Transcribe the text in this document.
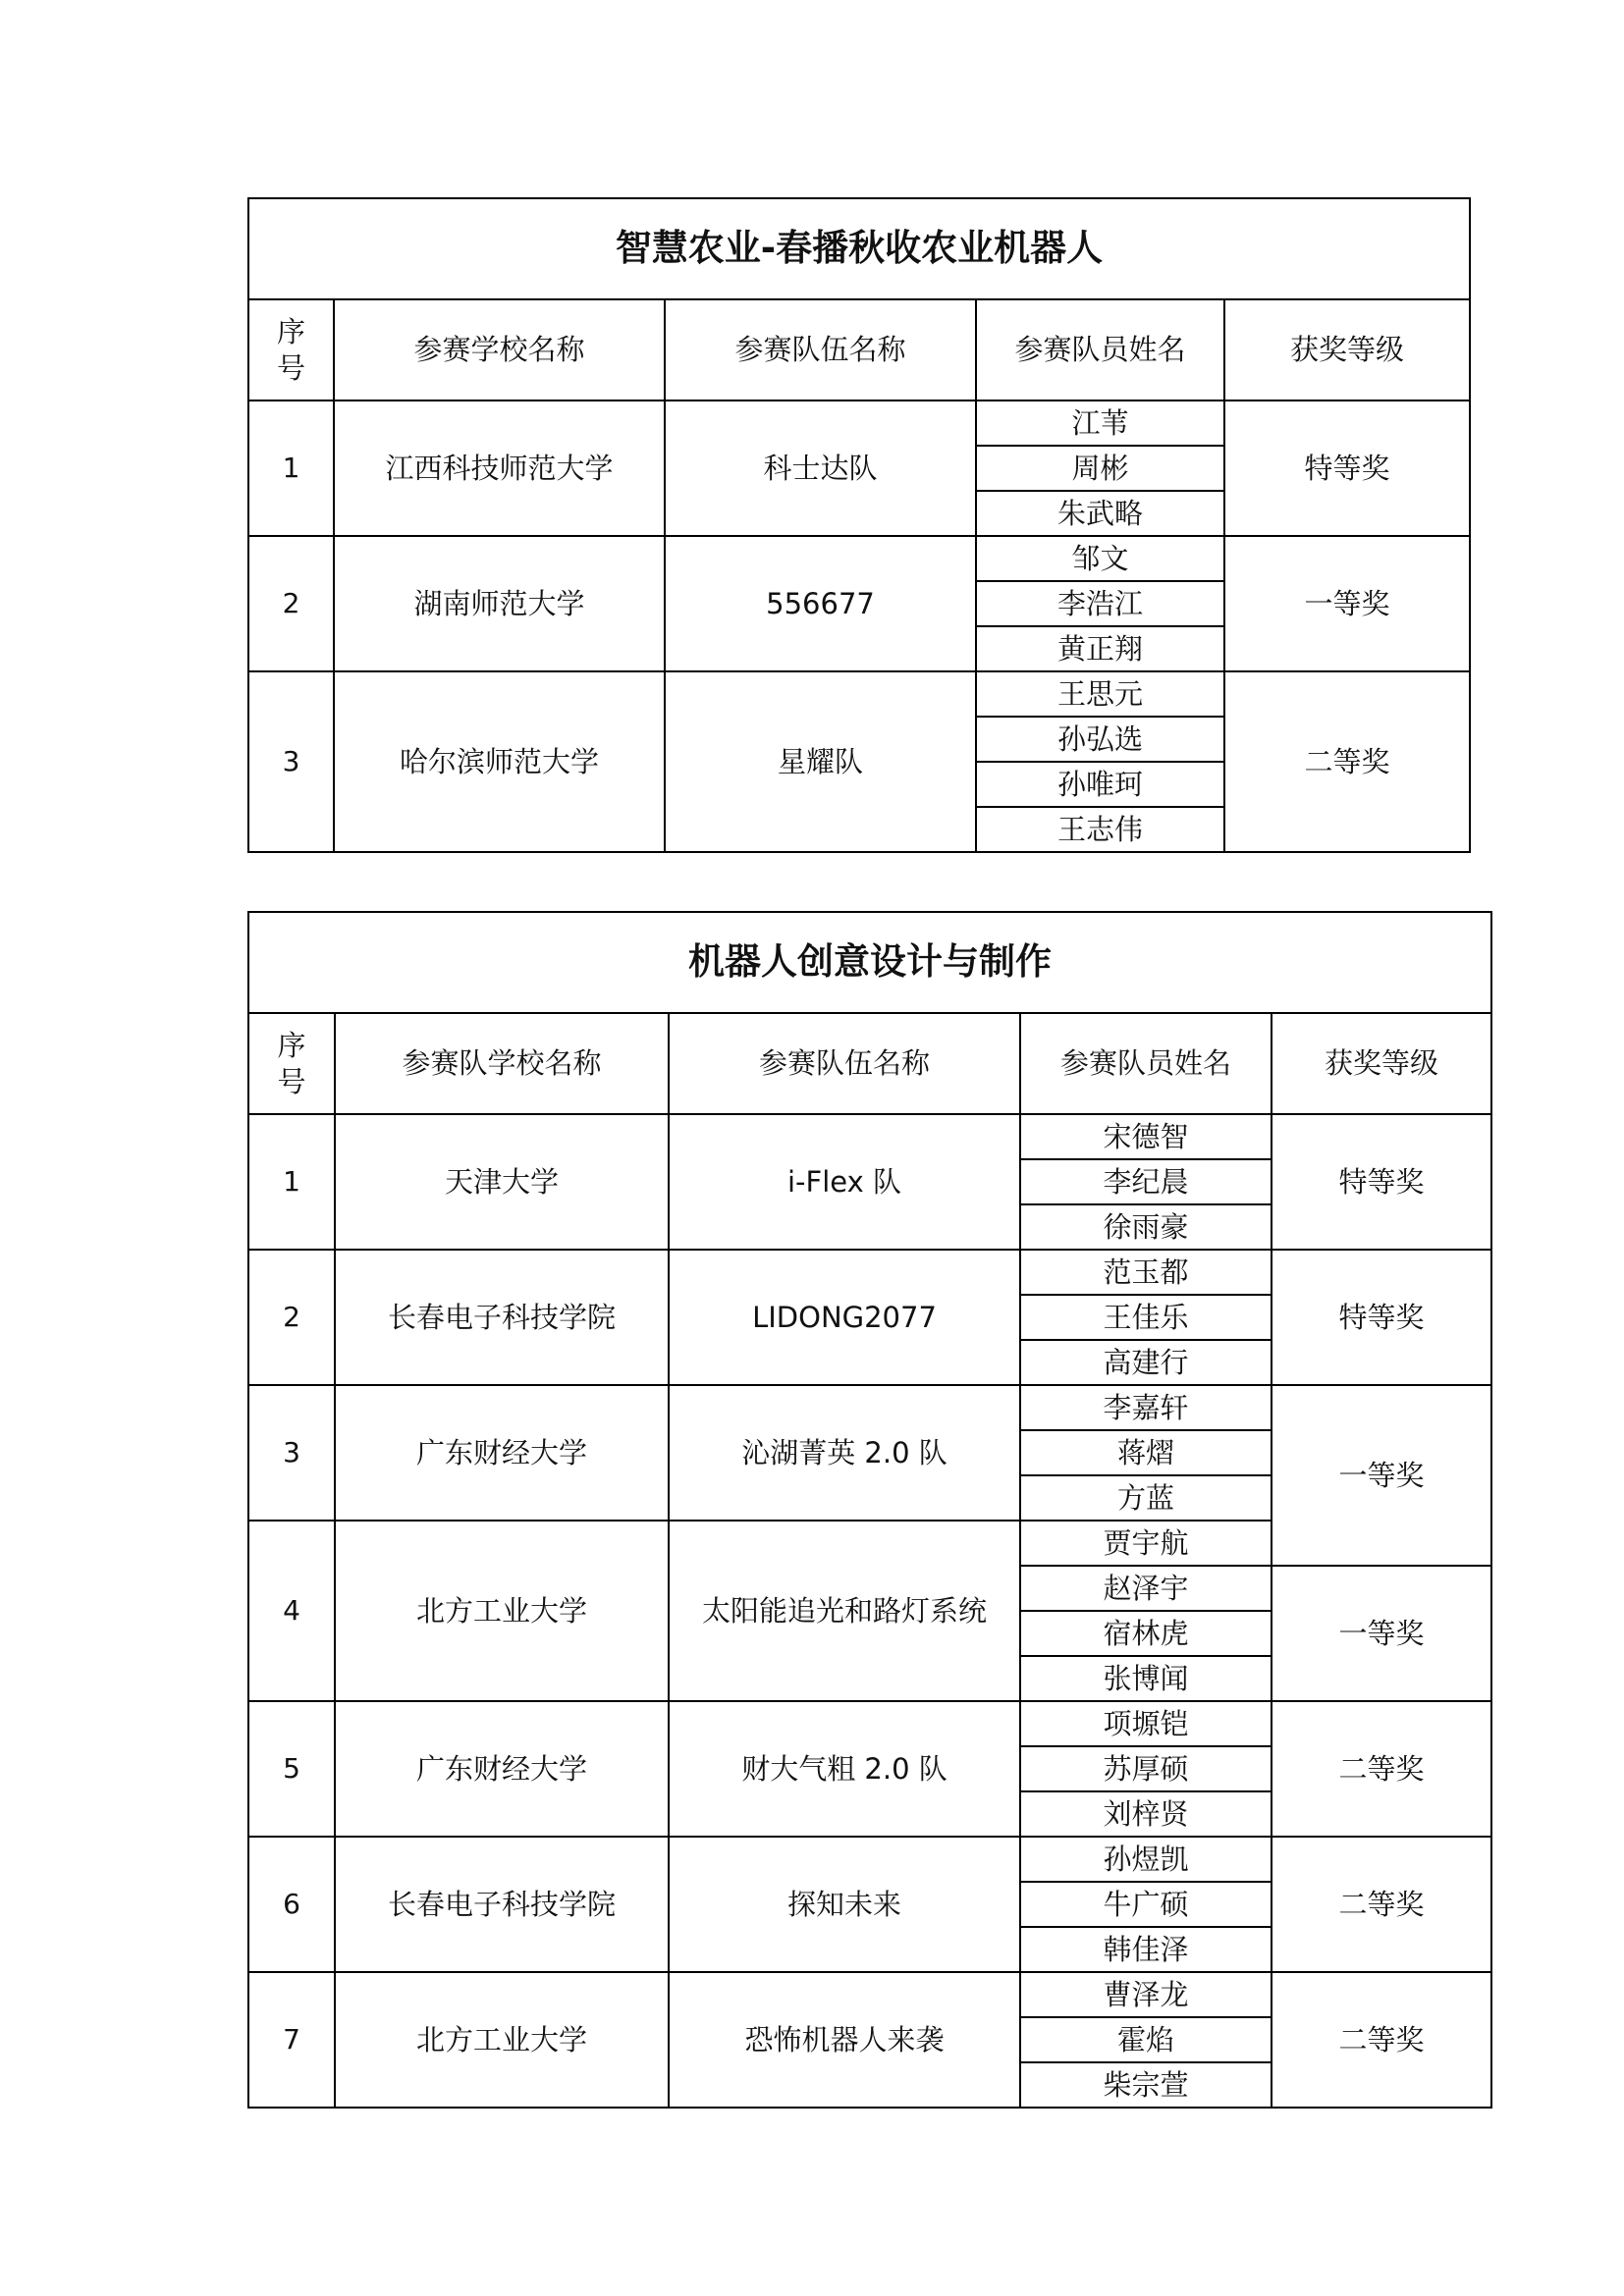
智慧农业-春播秋收农业机器人				
序
号	参赛学校名称	参赛队伍名称	参赛队员姓名	获奖等级
1	江西科技师范大学	科士达队	江苇	特等奖
			周彬	
			朱武略	
2	湖南师范大学	556677	邹文	一等奖
			李浩江	
			黄正翔	
3	哈尔滨师范大学	星耀队	王思元	二等奖
			孙弘选	
			孙唯珂	
			王志伟	
机器人创意设计与制作				
序
号	参赛队学校名称	参赛队伍名称	参赛队员姓名	获奖等级
1	天津大学	i-Flex 队	宋德智	特等奖
			李纪晨	
			徐雨豪	
2	长春电子科技学院	LIDONG2077	范玉都	特等奖
			王佳乐	
			高建行	
3	广东财经大学	沁湖菁英 2.0 队	李嘉轩	一等奖
			蒋熠	
			方蓝	
4	北方工业大学	太阳能追光和路灯系统	贾宇航	
			赵泽宇	一等奖
			宿林虎	
			张博闻	
5	广东财经大学	财大气粗 2.0 队	项塬铠	二等奖
			苏厚硕	
			刘梓贤	
6	长春电子科技学院	探知未来	孙煜凯	二等奖
			牛广硕	
			韩佳泽	
7	北方工业大学	恐怖机器人来袭	曹泽龙	二等奖
			霍焰	
			柴宗萱	
